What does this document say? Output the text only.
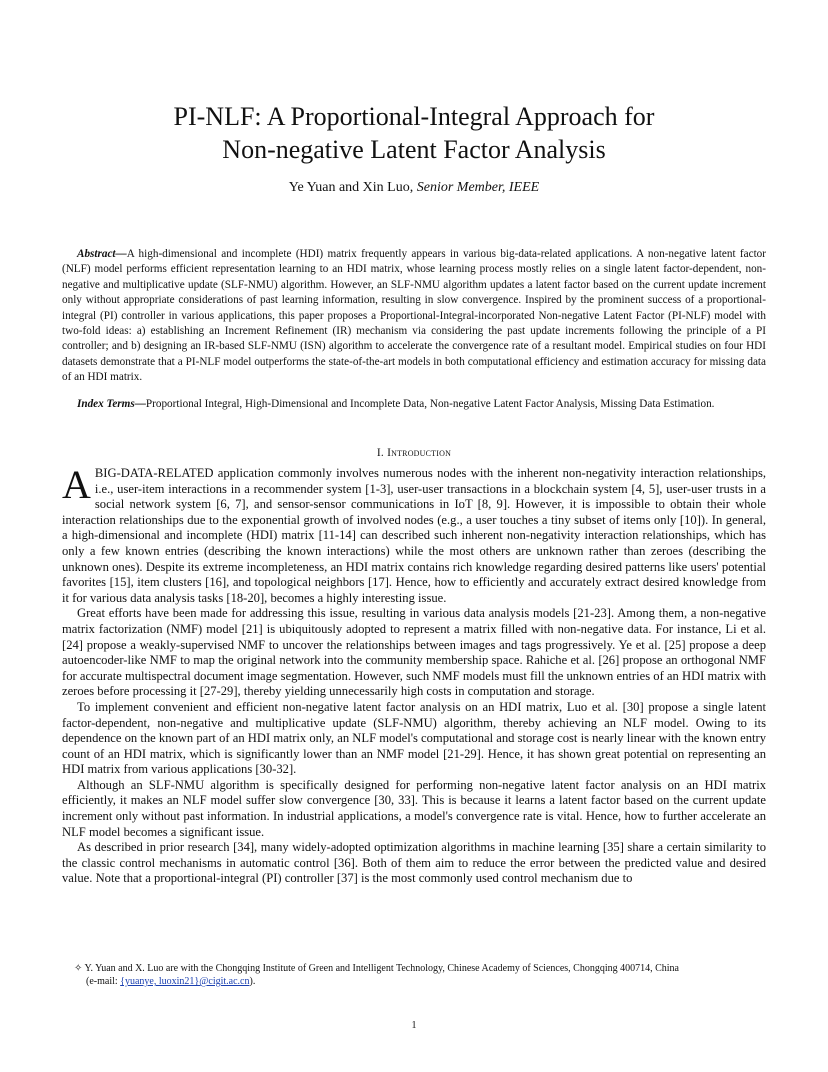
PI-NLF: A Proportional-Integral Approach for
Non-negative Latent Factor Analysis
Ye Yuan and Xin Luo, Senior Member, IEEE

Abstract—A high-dimensional and incomplete (HDI) matrix frequently appears in various big-data-related applications. A non-negative latent factor (NLF) model performs efficient representation learning to an HDI matrix, whose learning process mostly relies on a single latent factor-dependent, non-negative and multiplicative update (SLF-NMU) algorithm. However, an SLF-NMU algorithm updates a latent factor based on the current update increment only without appropriate considerations of past learning information, resulting in slow convergence. Inspired by the prominent success of a proportional-integral (PI) controller in various applications, this paper proposes a Proportional-Integral-incorporated Non-negative Latent Factor (PI-NLF) model with two-fold ideas: a) establishing an Increment Refinement (IR) mechanism via considering the past update increments following the principle of a PI controller; and b) designing an IR-based SLF-NMU (ISN) algorithm to accelerate the convergence rate of a resultant model. Empirical studies on four HDI datasets demonstrate that a PI-NLF model outperforms the state-of-the-art models in both computational efficiency and estimation accuracy for missing data of an HDI matrix.

Index Terms—Proportional Integral, High-Dimensional and Incomplete Data, Non-negative Latent Factor Analysis, Missing Data Estimation.

I. Introduction

ABIG-DATA-RELATED application commonly involves numerous nodes with the inherent non-negativity interaction relationships, i.e., user-item interactions in a recommender system [1-3], user-user transactions in a blockchain system [4, 5], user-user trusts in a social network system [6, 7], and sensor-sensor communications in IoT [8, 9]. However, it is impossible to obtain their whole interaction relationships due to the exponential growth of involved nodes (e.g., a user touches a tiny subset of items only [10]). In general, a high-dimensional and incomplete (HDI) matrix [11-14] can described such inherent non-negativity interaction relationships, which has only a few known entries (describing the known interactions) while the most others are unknown rather than zeroes (describing the unknown ones). Despite its extreme incompleteness, an HDI matrix contains rich knowledge regarding desired patterns like users' potential favorites [15], item clusters [16], and topological neighbors [17]. Hence, how to efficiently and accurately extract desired knowledge from it for various data analysis tasks [18-20], becomes a highly interesting issue.

Great efforts have been made for addressing this issue, resulting in various data analysis models [21-23]. Among them, a non-negative matrix factorization (NMF) model [21] is ubiquitously adopted to represent a matrix filled with non-negative data. For instance, Li et al. [24] propose a weakly-supervised NMF to uncover the relationships between images and tags progressively. Ye et al. [25] propose a deep autoencoder-like NMF to map the original network into the community membership space. Rahiche et al. [26] propose an orthogonal NMF for accurate multispectral document image segmentation. However, such NMF models must fill the unknown entries of an HDI matrix with zeroes before processing it [27-29], thereby yielding unnecessarily high costs in computation and storage.

To implement convenient and efficient non-negative latent factor analysis on an HDI matrix, Luo et al. [30] propose a single latent factor-dependent, non-negative and multiplicative update (SLF-NMU) algorithm, thereby achieving an NLF model. Owing to its dependence on the known part of an HDI matrix only, an NLF model's computational and storage cost is nearly linear with the known entry count of an HDI matrix, which is significantly lower than an NMF model [21-29]. Hence, it has shown great potential on representing an HDI matrix from various applications [30-32].

Although an SLF-NMU algorithm is specifically designed for performing non-negative latent factor analysis on an HDI matrix efficiently, it makes an NLF model suffer slow convergence [30, 33]. This is because it learns a latent factor based on the current update increment only without past information. In industrial applications, a model's convergence rate is vital. Hence, how to further accelerate an NLF model becomes a significant issue.

As described in prior research [34], many widely-adopted optimization algorithms in machine learning [35] share a certain similarity to the classic control mechanisms in automatic control [36]. Both of them aim to reduce the error between the predicted value and desired value. Note that a proportional-integral (PI) controller [37] is the most commonly used control mechanism due to

✧ Y. Yuan and X. Luo are with the Chongqing Institute of Green and Intelligent Technology, Chinese Academy of Sciences, Chongqing 400714, China
(e-mail: {yuanye, luoxin21}@cigit.ac.cn).
1
